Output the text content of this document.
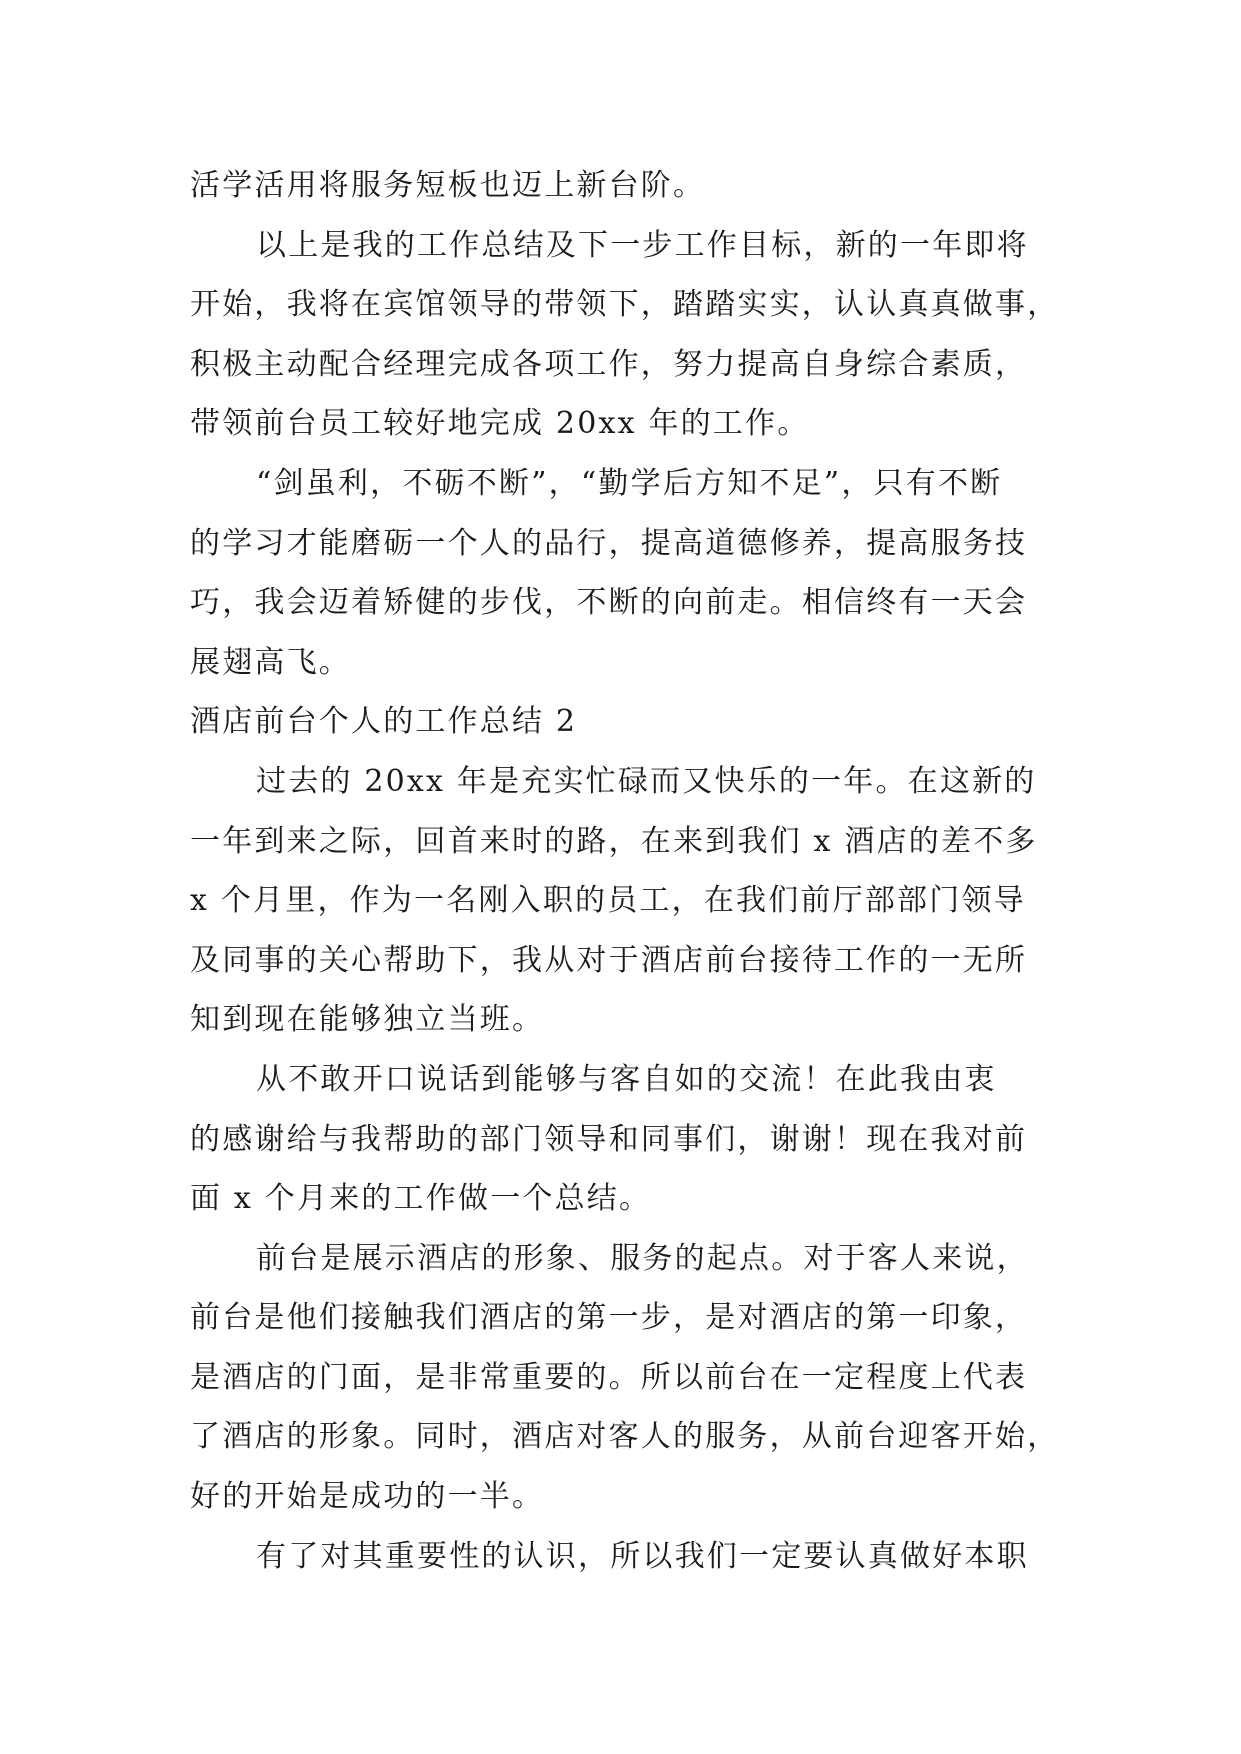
活学活用将服务短板也迈上新台阶。
以上是我的工作总结及下一步工作目标，新的一年即将
开始，我将在宾馆领导的带领下，踏踏实实，认认真真做事，
积极主动配合经理完成各项工作，努力提高自身综合素质，
带领前台员工较好地完成 20xx 年的工作。
“剑虽利，不砺不断”，“勤学后方知不足”，只有不断
的学习才能磨砺一个人的品行，提高道德修养，提高服务技
巧，我会迈着矫健的步伐，不断的向前走。相信终有一天会
展翅高飞。
酒店前台个人的工作总结 2
过去的 20xx 年是充实忙碌而又快乐的一年。在这新的
一年到来之际，回首来时的路，在来到我们 x 酒店的差不多
x 个月里，作为一名刚入职的员工，在我们前厅部部门领导
及同事的关心帮助下，我从对于酒店前台接待工作的一无所
知到现在能够独立当班。
从不敢开口说话到能够与客自如的交流！在此我由衷
的感谢给与我帮助的部门领导和同事们，谢谢！现在我对前
面 x 个月来的工作做一个总结。
前台是展示酒店的形象、服务的起点。对于客人来说，
前台是他们接触我们酒店的第一步，是对酒店的第一印象，
是酒店的门面，是非常重要的。所以前台在一定程度上代表
了酒店的形象。同时，酒店对客人的服务，从前台迎客开始，
好的开始是成功的一半。
有了对其重要性的认识，所以我们一定要认真做好本职
